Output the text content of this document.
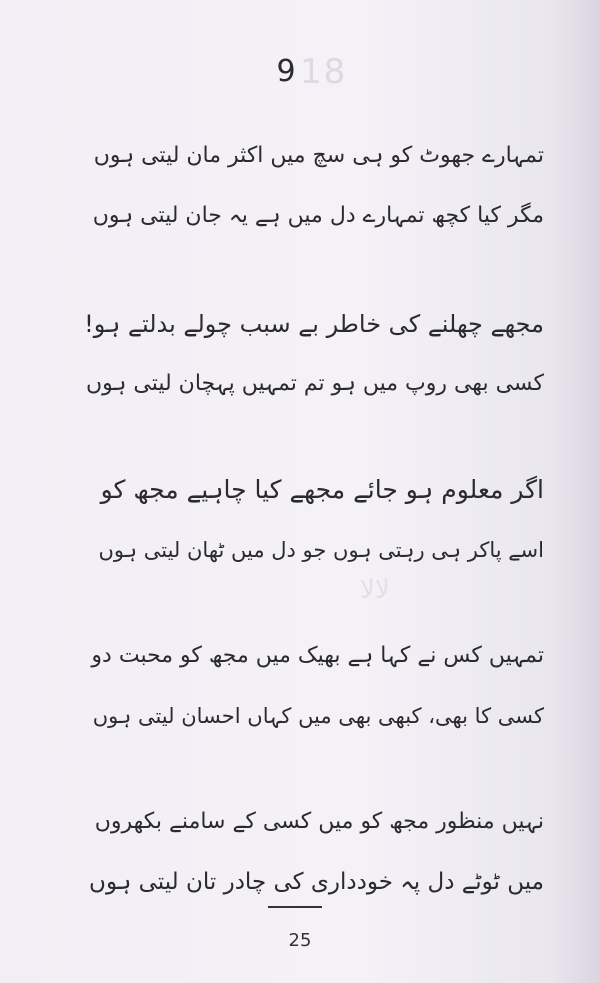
18
ﻻﻻ
9
تمہارے جھوٹ کو ہی سچ میں اکثر مان لیتی ہوں
مگر کیا کچھ تمہارے دل میں ہے یہ جان لیتی ہوں
مجھے چھلنے کی خاطر بے سبب چولے بدلتے ہو!
کسی بھی روپ میں ہو تم تمہیں پہچان لیتی ہوں
اگر معلوم ہو جائے مجھے کیا چاہیے مجھ کو
اسے پاکر ہی رہتی ہوں جو دل میں ٹھان لیتی ہوں
تمہیں کس نے کہا ہے بھیک میں مجھ کو محبت دو
کسی کا بھی، کبھی بھی میں کہاں احسان لیتی ہوں
نہیں منظور مجھ کو میں کسی کے سامنے بکھروں
میں ٹوٹے دل پہ خودداری کی چادر تان لیتی ہوں
25
